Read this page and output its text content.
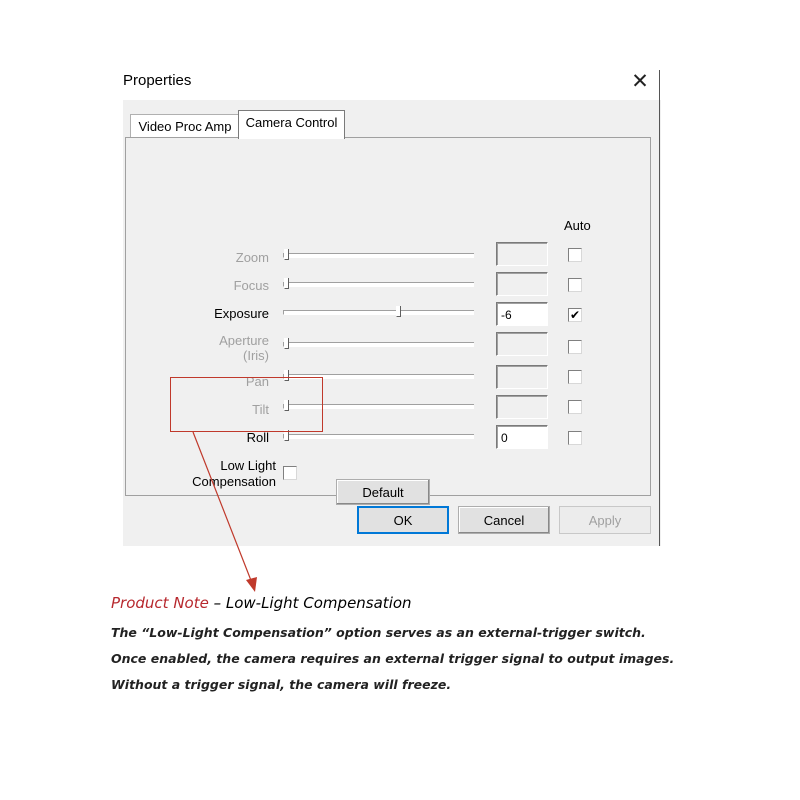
Properties	✕
Video Proc Amp	Camera Control
Auto
Zoom
Focus
Exposure	-6	✔
Aperture
(Iris)
Pan
Tilt
Roll	0
Low Light
Compensation
Default
OK	Cancel	Apply
Product Note – Low-Light Compensation
The “Low-Light Compensation” option serves as an external-trigger switch.
Once enabled, the camera requires an external trigger signal to output images.
Without a trigger signal, the camera will freeze.
